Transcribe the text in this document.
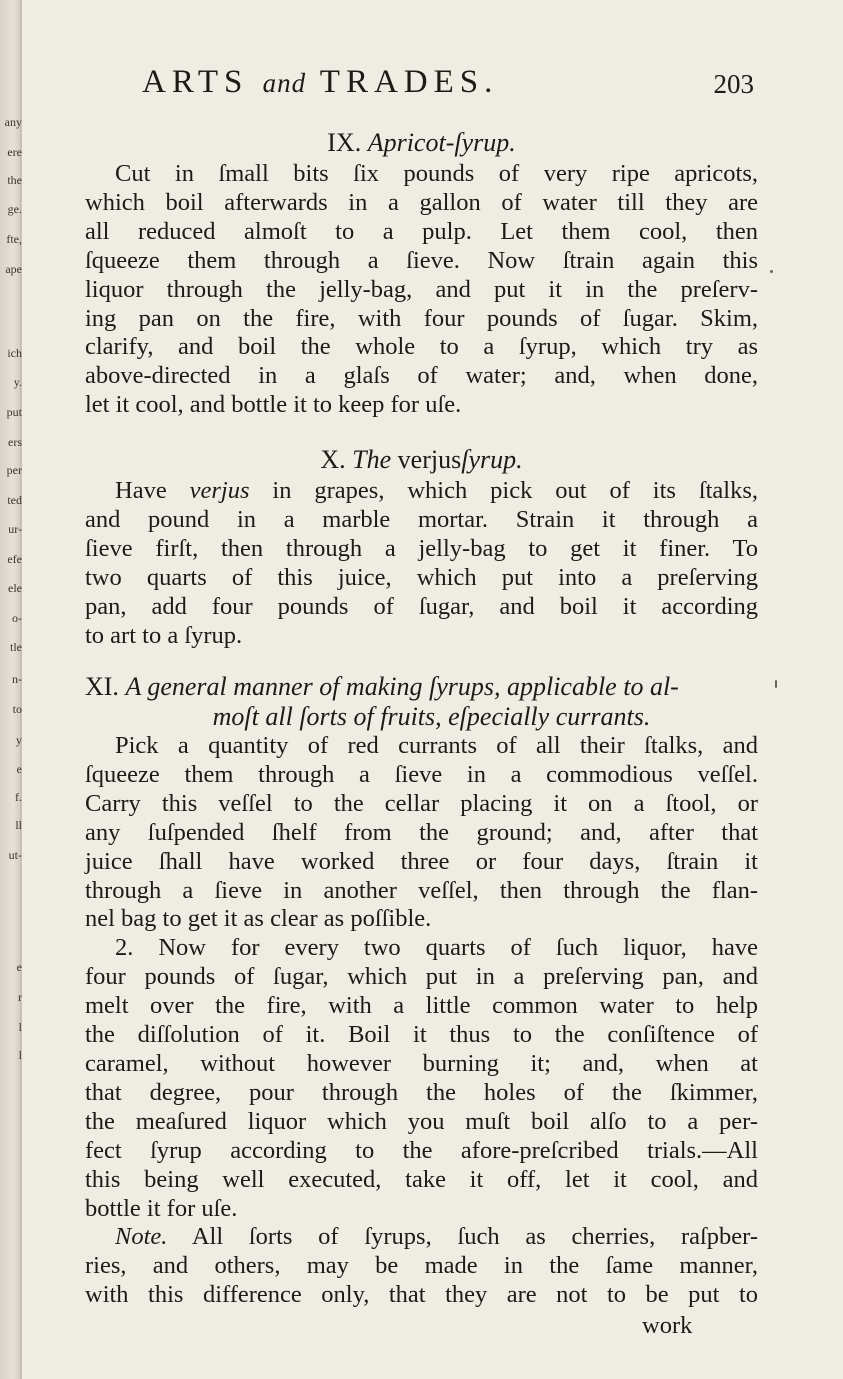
any
ere
the
ge.
fte,
ape
ich
y.
put
ers
per
ted
ur-
efe
ele
o-
tle
n-
to
y
e
f.
ll
ut-
e
r
l
l
ARTS and TRADES.	203

IX. Apricot-ſyrup.

Cut in ſmall bits ſix pounds of very ripe apricots,
which boil afterwards in a gallon of water till they are
all reduced almoſt to a pulp. Let them cool, then
ſqueeze them through a ſieve. Now ſtrain again this
liquor through the jelly-bag, and put it in the preſerv-
ing pan on the fire, with four pounds of ſugar. Skim,
clarify, and boil the whole to a ſyrup, which try as
above-directed in a glaſs of water; and, when done,
let it cool, and bottle it to keep for uſe.

X. The verjusſyrup.

Have verjus in grapes, which pick out of its ſtalks,
and pound in a marble mortar. Strain it through a
ſieve firſt, then through a jelly-bag to get it finer. To
two quarts of this juice, which put into a preſerving
pan, add four pounds of ſugar, and boil it according
to art to a ſyrup.

XI. A general manner of making ſyrups, applicable to al-

moſt all ſorts of fruits, eſpecially currants.

Pick a quantity of red currants of all their ſtalks, and
ſqueeze them through a ſieve in a commodious veſſel.
Carry this veſſel to the cellar placing it on a ſtool, or
any ſuſpended ſhelf from the ground; and, after that
juice ſhall have worked three or four days, ſtrain it
through a ſieve in another veſſel, then through the flan-
nel bag to get it as clear as poſſible.
2. Now for every two quarts of ſuch liquor, have
four pounds of ſugar, which put in a preſerving pan, and
melt over the fire, with a little common water to help
the diſſolution of it. Boil it thus to the conſiſtence of
caramel, without however burning it; and, when at
that degree, pour through the holes of the ſkimmer,
the meaſured liquor which you muſt boil alſo to a per-
fect ſyrup according to the afore-preſcribed trials.—All
this being well executed, take it off, let it cool, and
bottle it for uſe.
Note. All ſorts of ſyrups, ſuch as cherries, raſpber-
ries, and others, may be made in the ſame manner,
with this difference only, that they are not to be put to
work
